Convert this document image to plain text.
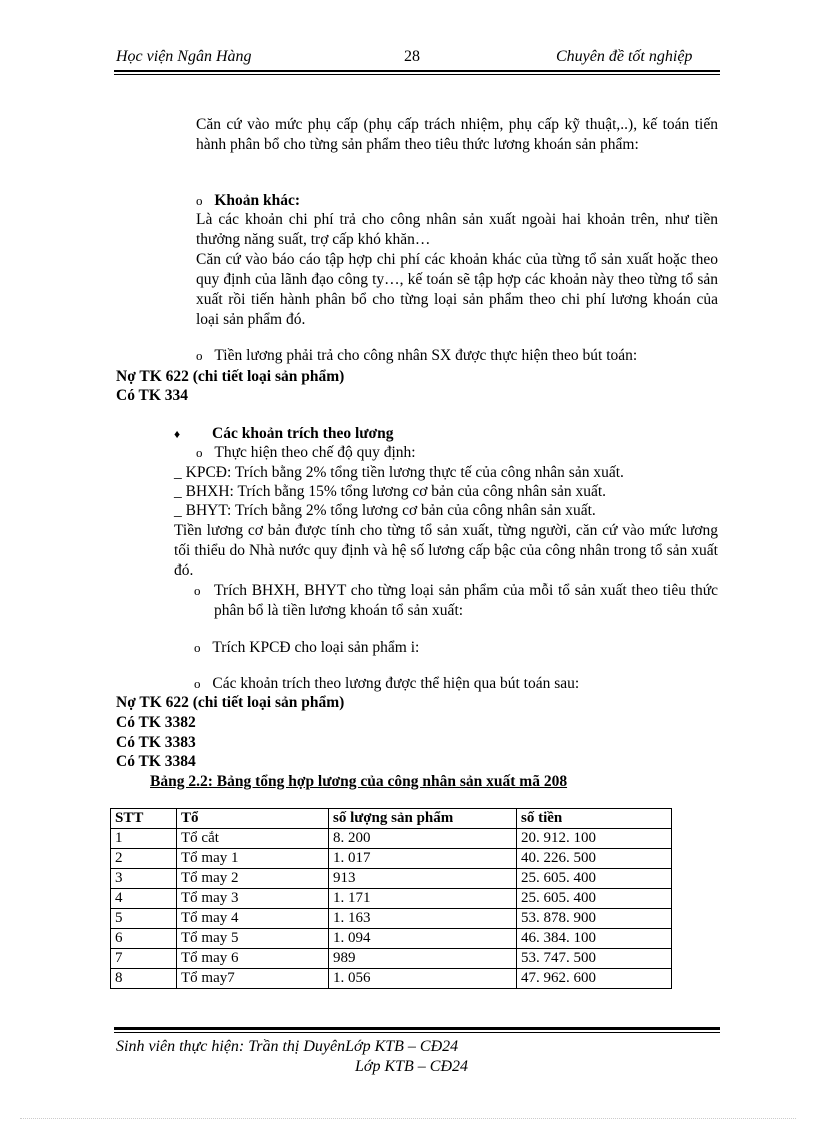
Học viện Ngân Hàng	28	Chuyên đề tốt nghiệp
Căn cứ vào mức phụ cấp (phụ cấp trách nhiệm, phụ cấp kỹ thuật,..), kế toán tiến hành phân bổ cho từng sản phẩm theo tiêu thức lương khoán sản phẩm:
o Khoản khác:
Là các khoản chi phí trả cho công nhân sản xuất ngoài hai khoản trên, như tiền thưởng năng suất, trợ cấp khó khăn…
Căn cứ vào báo cáo tập hợp chi phí các khoản khác của từng tổ sản xuất hoặc theo quy định của lãnh đạo công ty…, kế toán sẽ tập hợp các khoản này theo từng tổ sản xuất rồi tiến hành phân bổ cho từng loại sản phẩm theo chi phí lương khoán của loại sản phẩm đó.
o Tiền lương phải trả cho công nhân SX được thực hiện theo bút toán:
Nợ TK 622 (chi tiết loại sản phẩm)
Có TK 334
♦ Các khoản trích theo lương
o Thực hiện theo chế độ quy định:
_ KPCĐ: Trích bằng 2% tổng tiền lương thực tế của công nhân sản xuất.
_ BHXH: Trích bằng 15% tổng lương cơ bản của công nhân sản xuất.
_ BHYT: Trích bằng 2% tổng lương cơ bản của công nhân sản xuất.
Tiền lương cơ bản được tính cho từng tổ sản xuất, từng người, căn cứ vào mức lương tối thiểu do Nhà nước quy định và hệ số lương cấp bậc của công nhân trong tổ sản xuất đó.
o Trích BHXH, BHYT cho từng loại sản phẩm của mỗi tổ sản xuất theo tiêu thức phân bổ là tiền lương khoán tổ sản xuất:
o Trích KPCĐ cho loại sản phẩm i:
o Các khoản trích theo lương được thể hiện qua bút toán sau:
Nợ TK 622 (chi tiết loại sản phẩm)
Có TK 3382
Có TK 3383
Có TK 3384
Bảng 2.2: Bảng tổng hợp lương của công nhân sản xuất mã 208
STT	Tổ	số lượng sản phẩm	số tiền
1	Tổ cắt	8. 200	20. 912. 100
2	Tổ may 1	1. 017	40. 226. 500
3	Tổ may 2	913	25. 605. 400
4	Tổ may 3	1. 171	25. 605. 400
5	Tổ may 4	1. 163	53. 878. 900
6	Tổ may 5	1. 094	46. 384. 100
7	Tổ may 6	989	53. 747. 500
8	Tổ may7	1. 056	47. 962. 600
Sinh viên thực hiện: Trần thị DuyênLớp KTB – CĐ24
Lớp KTB – CĐ24
